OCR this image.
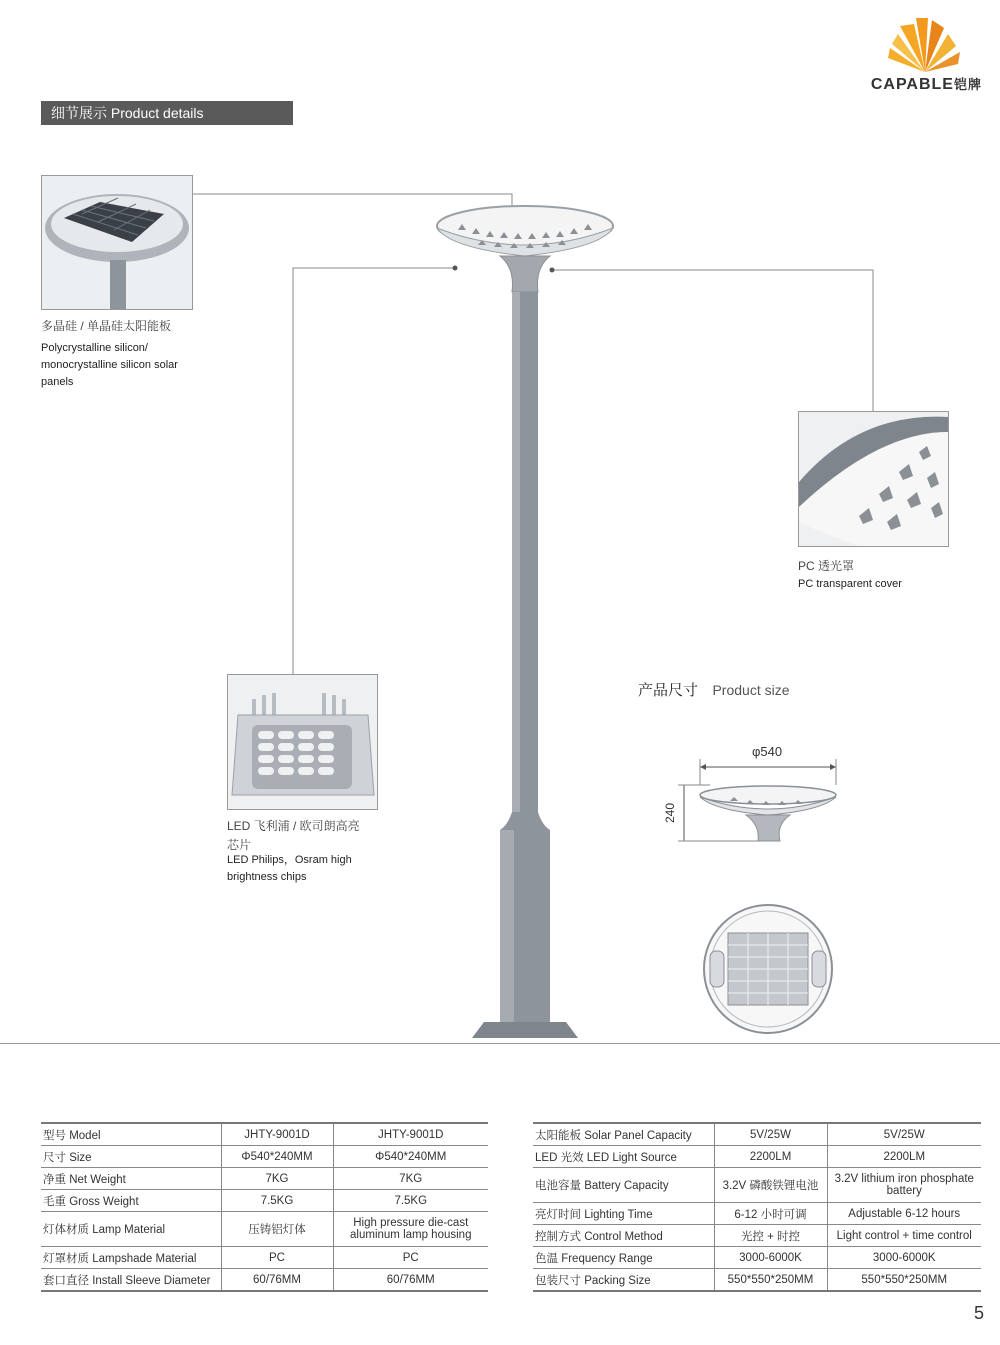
CAPABLE铠牌
细节展示 Product details
多晶硅 / 单晶硅太阳能板
Polycrystalline silicon/
monocrystalline silicon solar
panels
PC 透光罩
PC transparent cover
LED 飞利浦 / 欧司朗高亮
芯片
LED Philips，Osram high
brightness chips
产品尺寸 Product size
φ540
240
型号 Model	JHTY-9001D	JHTY-9001D
尺寸 Size	Φ540*240MM	Φ540*240MM
净重 Net Weight	7KG	7KG
毛重 Gross Weight	7.5KG	7.5KG
灯体材质 Lamp Material	压铸铝灯体	High pressure die-cast
aluminum lamp housing

灯罩材质 Lampshade Material	PC	PC
套口直径 Install Sleeve Diameter	60/76MM	60/76MM
太阳能板 Solar Panel Capacity	5V/25W	5V/25W
LED 光效 LED Light Source	2200LM	2200LM
电池容量 Battery Capacity	3.2V 磷酸铁锂电池	3.2V lithium iron phosphate
battery

亮灯时间 Lighting Time	6-12 小时可调	Adjustable 6-12 hours
控制方式 Control Method	光控 + 时控	Light control + time control
色温 Frequency Range	3000-6000K	3000-6000K
包装尺寸 Packing Size	550*550*250MM	550*550*250MM
5
